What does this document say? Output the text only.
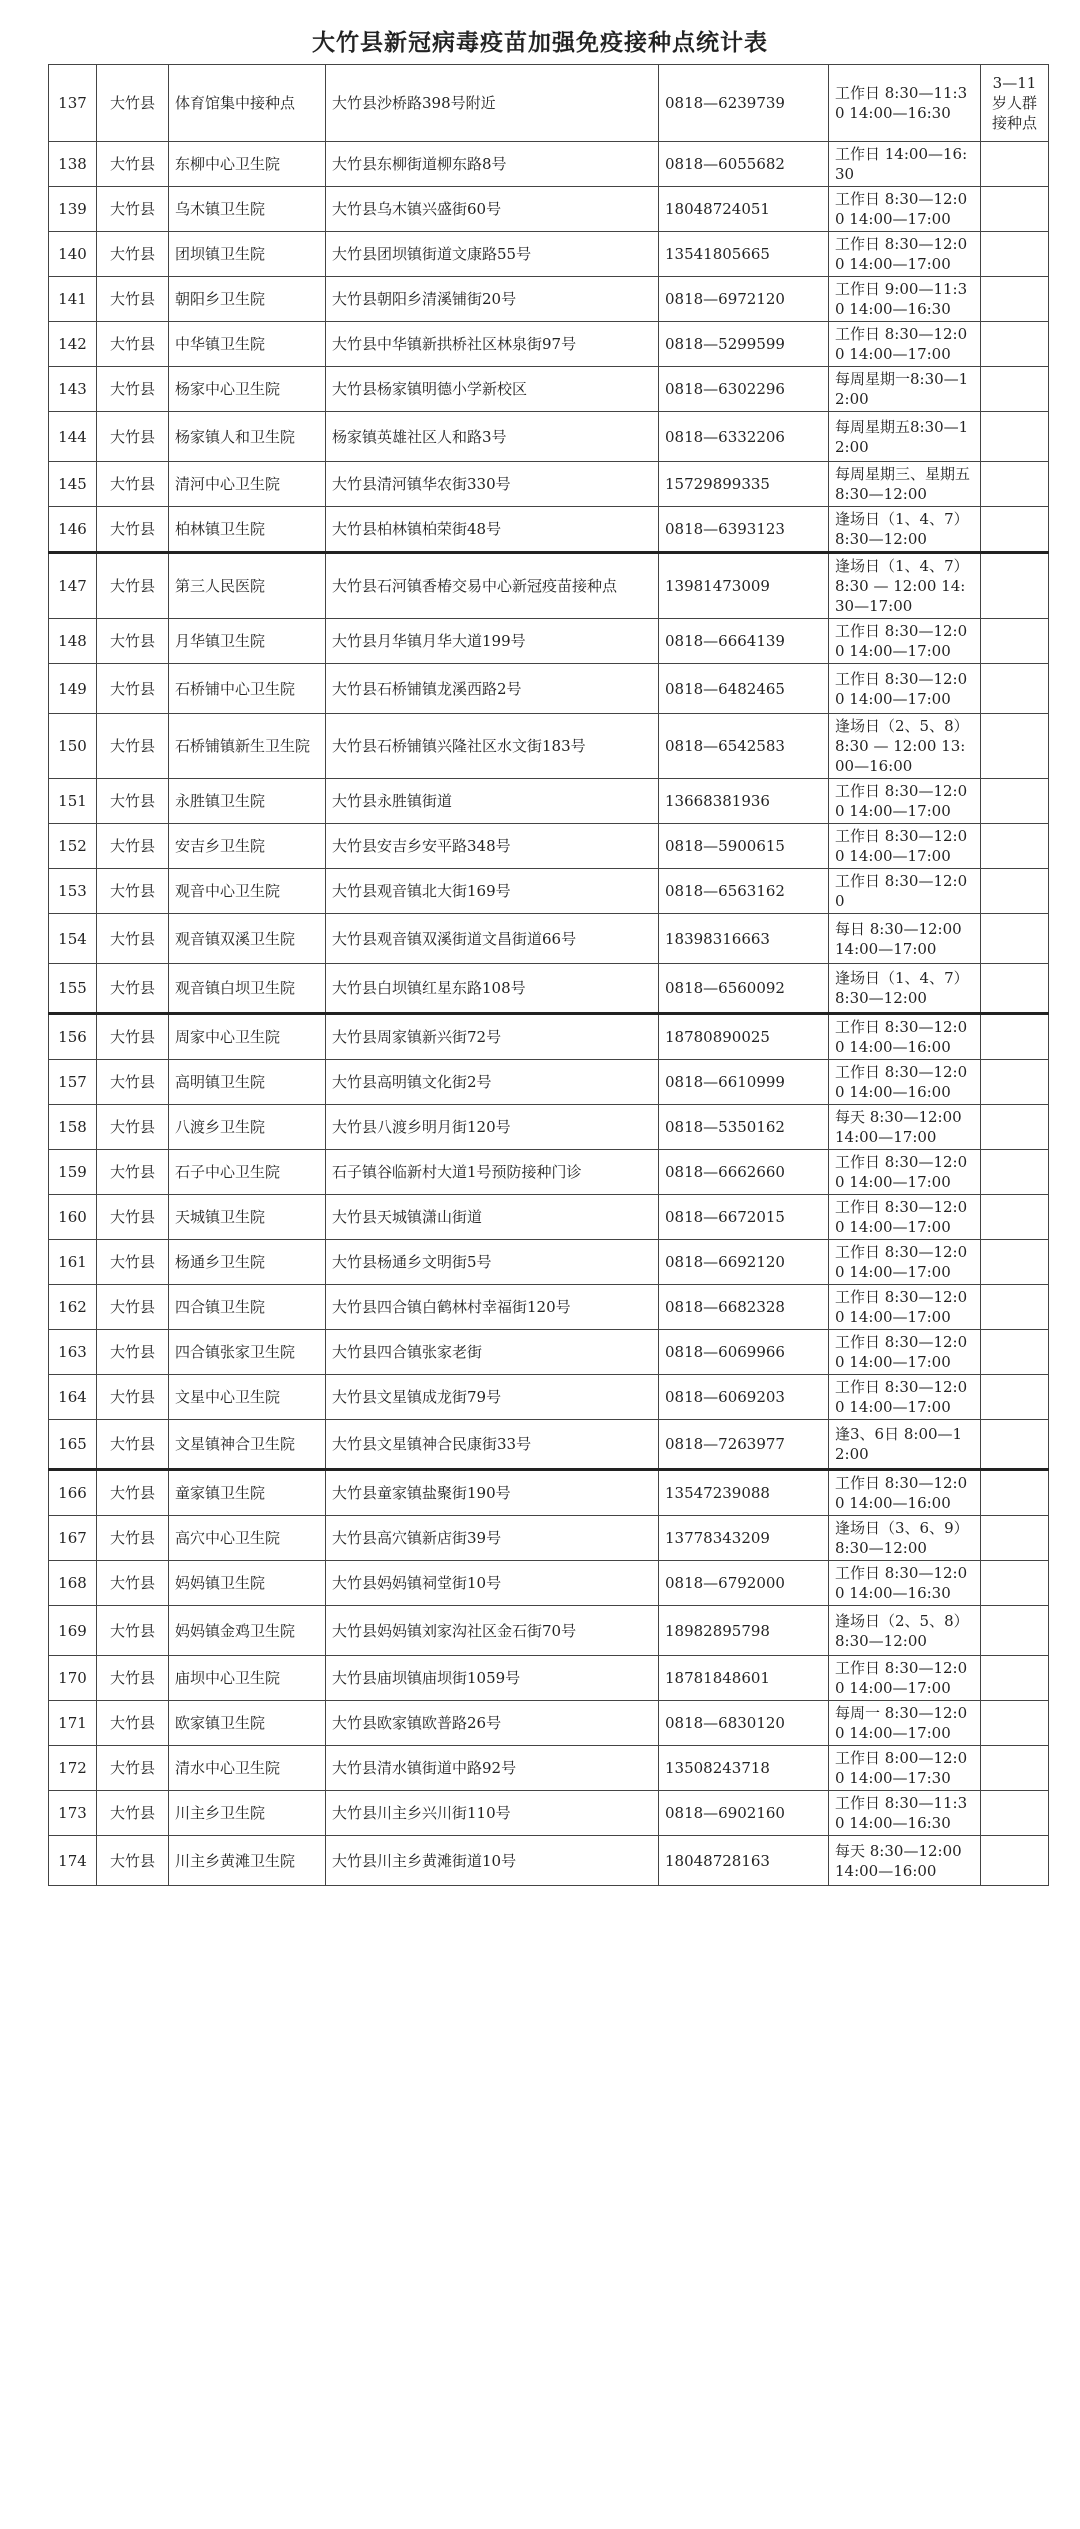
大竹县新冠病毒疫苗加强免疫接种点统计表
137	大竹县	体育馆集中接种点	大竹县沙桥路398号附近	0818—6239739	工作日 8:30—11:30 14:00—16:30	3—11岁人群接种点
138	大竹县	东柳中心卫生院	大竹县东柳街道柳东路8号	0818—6055682	工作日 14:00—16:30	
139	大竹县	乌木镇卫生院	大竹县乌木镇兴盛街60号	18048724051	工作日 8:30—12:00 14:00—17:00	
140	大竹县	团坝镇卫生院	大竹县团坝镇街道文康路55号	13541805665	工作日 8:30—12:00 14:00—17:00	
141	大竹县	朝阳乡卫生院	大竹县朝阳乡清溪铺街20号	0818—6972120	工作日 9:00—11:30 14:00—16:30	
142	大竹县	中华镇卫生院	大竹县中华镇新拱桥社区林泉街97号	0818—5299599	工作日 8:30—12:00 14:00—17:00	
143	大竹县	杨家中心卫生院	大竹县杨家镇明德小学新校区	0818—6302296	每周星期一8:30—12:00	
144	大竹县	杨家镇人和卫生院	杨家镇英雄社区人和路3号	0818—6332206	每周星期五8:30—12:00	
145	大竹县	清河中心卫生院	大竹县清河镇华农街330号	15729899335	每周星期三、星期五 8:30—12:00	
146	大竹县	柏林镇卫生院	大竹县柏林镇柏荣街48号	0818—6393123	逢场日（1、4、7）8:30—12:00	
147	大竹县	第三人民医院	大竹县石河镇香椿交易中心新冠疫苗接种点	13981473009	逢场日（1、4、7）8:30 — 12:00 14:30—17:00	
148	大竹县	月华镇卫生院	大竹县月华镇月华大道199号	0818—6664139	工作日 8:30—12:00 14:00—17:00	
149	大竹县	石桥铺中心卫生院	大竹县石桥铺镇龙溪西路2号	0818—6482465	工作日 8:30—12:00 14:00—17:00	
150	大竹县	石桥铺镇新生卫生院	大竹县石桥铺镇兴隆社区水文街183号	0818—6542583	逢场日（2、5、8）8:30 — 12:00 13:00—16:00	
151	大竹县	永胜镇卫生院	大竹县永胜镇街道	13668381936	工作日 8:30—12:00 14:00—17:00	
152	大竹县	安吉乡卫生院	大竹县安吉乡安平路348号	0818—5900615	工作日 8:30—12:00 14:00—17:00	
153	大竹县	观音中心卫生院	大竹县观音镇北大街169号	0818—6563162	工作日 8:30—12:00	
154	大竹县	观音镇双溪卫生院	大竹县观音镇双溪街道文昌街道66号	18398316663	每日 8:30—12:00 14:00—17:00	
155	大竹县	观音镇白坝卫生院	大竹县白坝镇红星东路108号	0818—6560092	逢场日（1、4、7）8:30—12:00	
156	大竹县	周家中心卫生院	大竹县周家镇新兴街72号	18780890025	工作日 8:30—12:00 14:00—16:00	
157	大竹县	高明镇卫生院	大竹县高明镇文化街2号	0818—6610999	工作日 8:30—12:00 14:00—16:00	
158	大竹县	八渡乡卫生院	大竹县八渡乡明月街120号	0818—5350162	每天 8:30—12:00 14:00—17:00	
159	大竹县	石子中心卫生院	石子镇谷临新村大道1号预防接种门诊	0818—6662660	工作日 8:30—12:00 14:00—17:00	
160	大竹县	天城镇卫生院	大竹县天城镇潇山街道	0818—6672015	工作日 8:30—12:00 14:00—17:00	
161	大竹县	杨通乡卫生院	大竹县杨通乡文明街5号	0818—6692120	工作日 8:30—12:00 14:00—17:00	
162	大竹县	四合镇卫生院	大竹县四合镇白鹤林村幸福街120号	0818—6682328	工作日 8:30—12:00 14:00—17:00	
163	大竹县	四合镇张家卫生院	大竹县四合镇张家老街	0818—6069966	工作日 8:30—12:00 14:00—17:00	
164	大竹县	文星中心卫生院	大竹县文星镇成龙街79号	0818—6069203	工作日 8:30—12:00 14:00—17:00	
165	大竹县	文星镇神合卫生院	大竹县文星镇神合民康街33号	0818—7263977	逢3、6日 8:00—12:00	
166	大竹县	童家镇卫生院	大竹县童家镇盐聚街190号	13547239088	工作日 8:30—12:00 14:00—16:00	
167	大竹县	高穴中心卫生院	大竹县高穴镇新店街39号	13778343209	逢场日（3、6、9）8:30—12:00	
168	大竹县	妈妈镇卫生院	大竹县妈妈镇祠堂街10号	0818—6792000	工作日 8:30—12:00 14:00—16:30	
169	大竹县	妈妈镇金鸡卫生院	大竹县妈妈镇刘家沟社区金石街70号	18982895798	逢场日（2、5、8）8:30—12:00	
170	大竹县	庙坝中心卫生院	大竹县庙坝镇庙坝街1059号	18781848601	工作日 8:30—12:00 14:00—17:00	
171	大竹县	欧家镇卫生院	大竹县欧家镇欧普路26号	0818—6830120	每周一 8:30—12:00 14:00—17:00	
172	大竹县	清水中心卫生院	大竹县清水镇街道中路92号	13508243718	工作日 8:00—12:00 14:00—17:30	
173	大竹县	川主乡卫生院	大竹县川主乡兴川街110号	0818—6902160	工作日 8:30—11:30 14:00—16:30	
174	大竹县	川主乡黄滩卫生院	大竹县川主乡黄滩街道10号	18048728163	每天 8:30—12:00 14:00—16:00	
